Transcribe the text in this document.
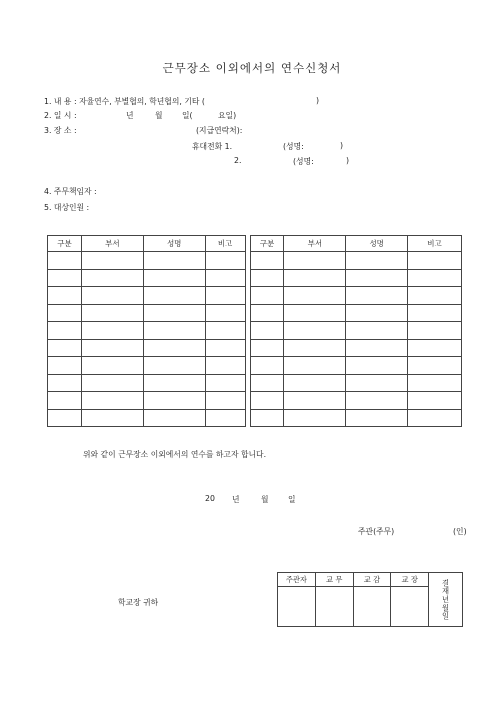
근무장소 이외에서의 연수신청서
1. 내 용 : 자율연수, 부별협의, 학년협의, 기타 (	)
2. 일 시 :	년	월 일(	요일)
3. 장 소 :	(지급연락처):
휴대전화 1.	(성명:	)
2.	(성명:	)
4. 주무책임자 :
5. 대상인원 :
구분	부서	성명	비고		구분	부서	성명	비고

위와 같이 근무장소 이외에서의 연수를 하고자 합니다.
20 년	월 일
주관(주무)	(인)
학교장 귀하
주관자	교 무	교 감	교 장	결재년월일
